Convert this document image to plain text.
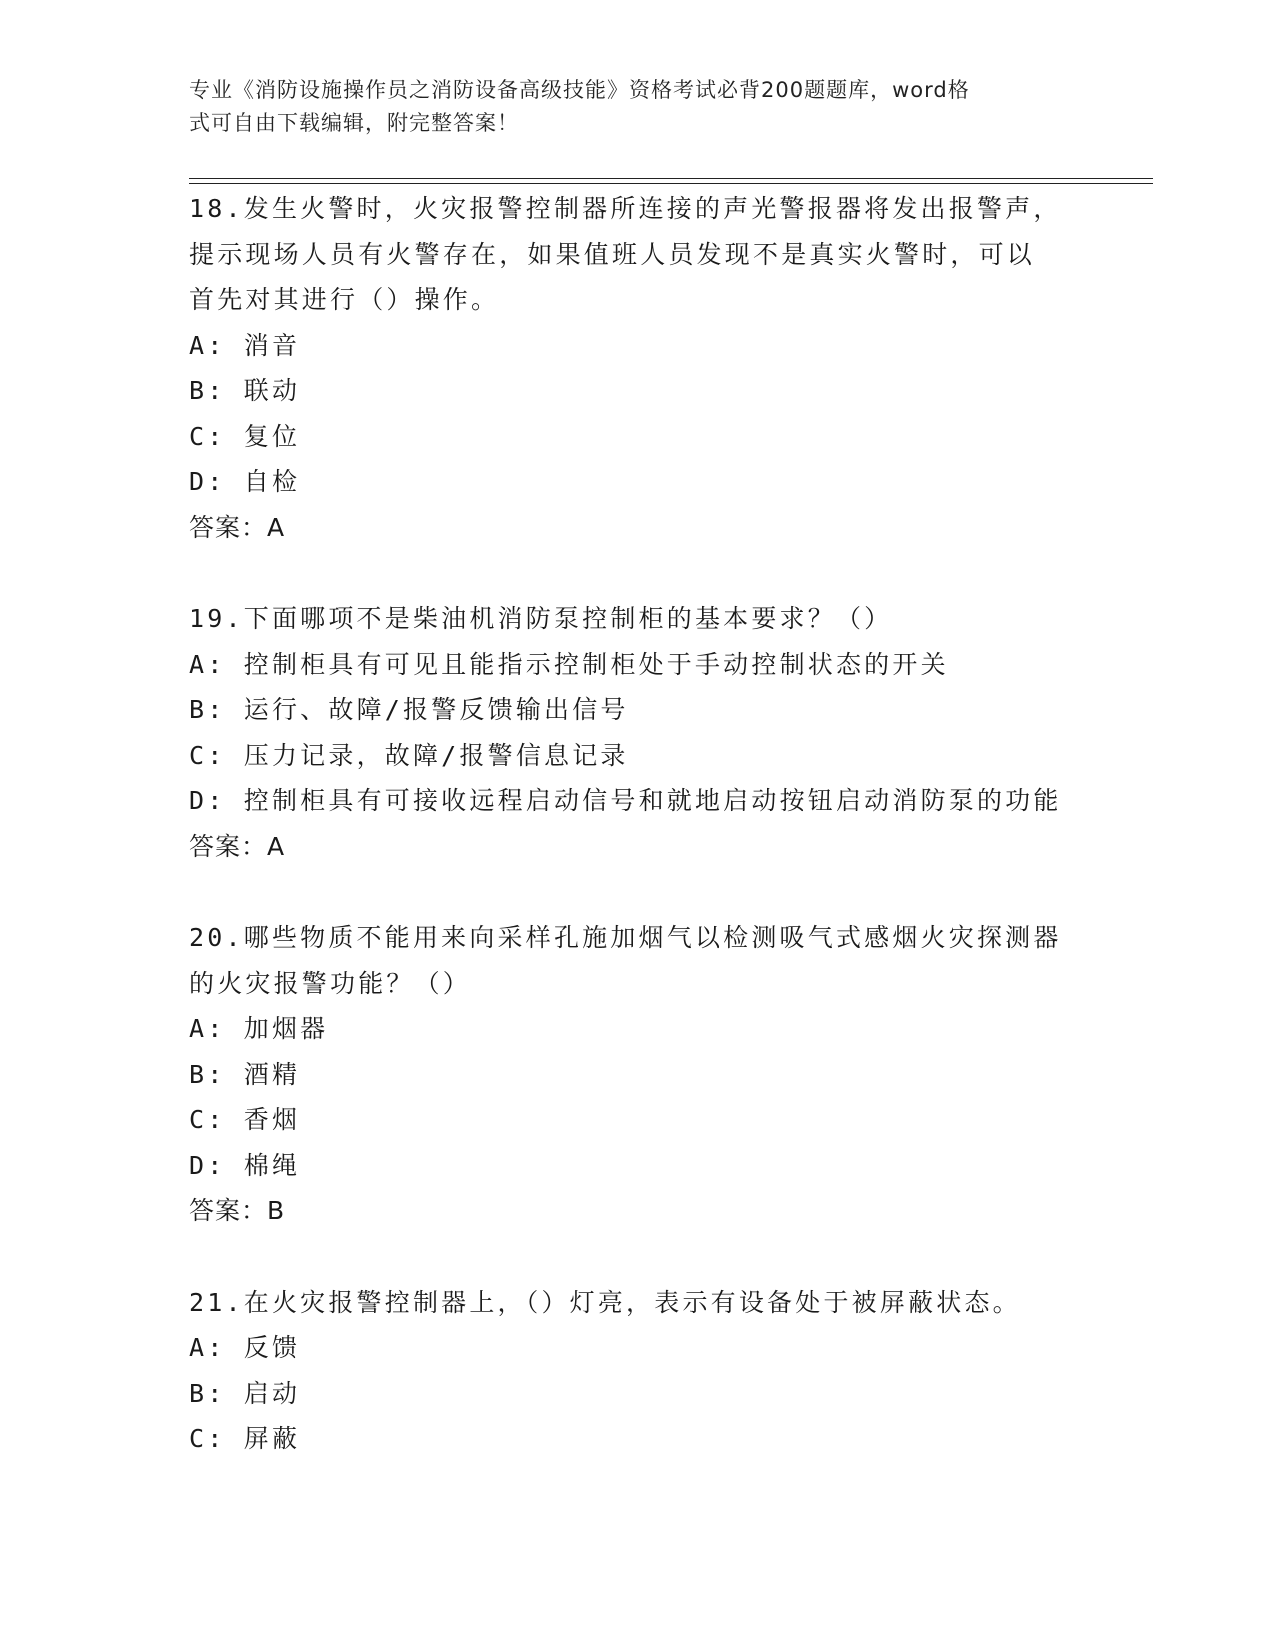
专业《消防设施操作员之消防设备高级技能》资格考试必背200题题库，word格
式可自由下载编辑，附完整答案！

18.发生火警时，火灾报警控制器所连接的声光警报器将发出报警声，

提示现场人员有火警存在，如果值班人员发现不是真实火警时，可以

首先对其进行（）操作。

A: 消音

B: 联动

C: 复位

D: 自检

答案：A

19.下面哪项不是柴油机消防泵控制柜的基本要求？（）

A: 控制柜具有可见且能指示控制柜处于手动控制状态的开关

B: 运行、故障/报警反馈输出信号

C: 压力记录，故障/报警信息记录

D: 控制柜具有可接收远程启动信号和就地启动按钮启动消防泵的功能

答案：A

20.哪些物质不能用来向采样孔施加烟气以检测吸气式感烟火灾探测器

的火灾报警功能？（）

A: 加烟器

B: 酒精

C: 香烟

D: 棉绳

答案：B

21.在火灾报警控制器上，（）灯亮，表示有设备处于被屏蔽状态。

A: 反馈

B: 启动

C: 屏蔽
